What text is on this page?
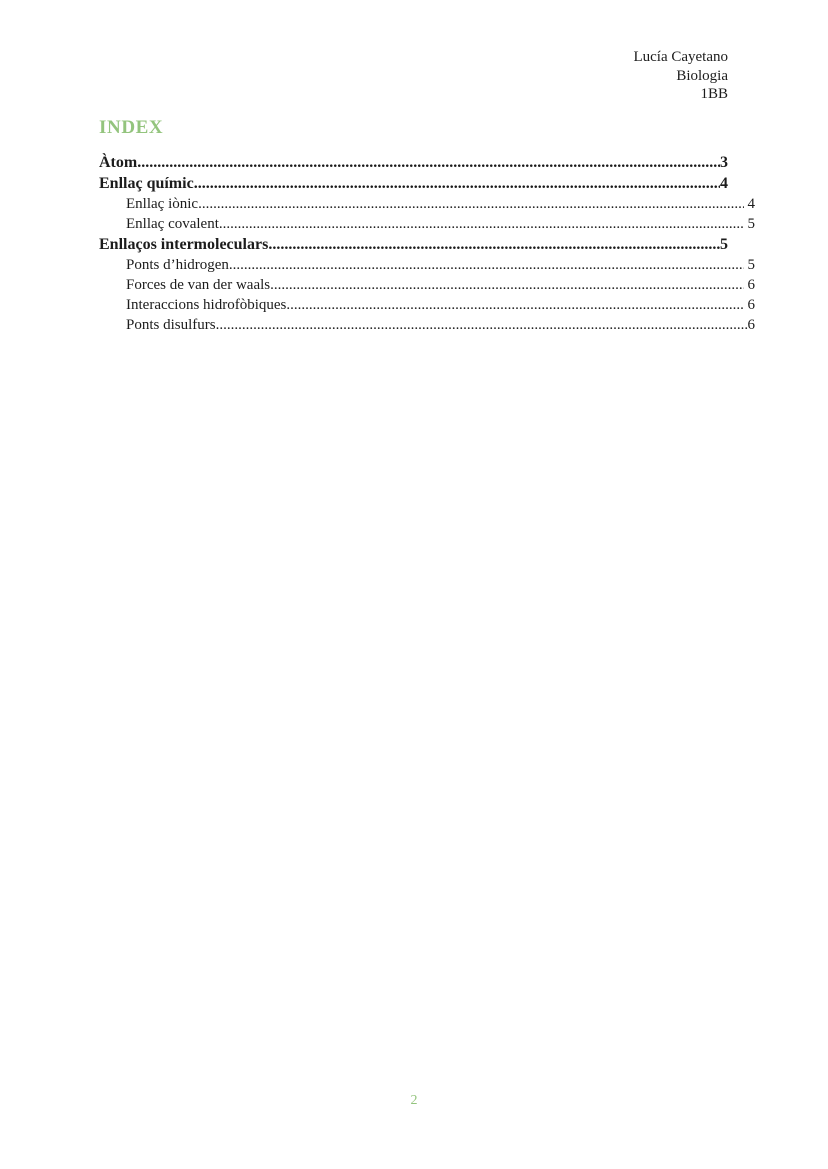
Lucía Cayetano
Biologia
1BB
INDEX
Àtom .....	3
Enllaç químic .....	4
Enllaç iònic .....	4
Enllaç covalent .....	5
Enllaços intermoleculars .....	5
Ponts d’hidrogen .....	5
Forces de van der waals .....	6
Interaccions hidrofòbiques .....	6
Ponts disulfurs .....	6
2
